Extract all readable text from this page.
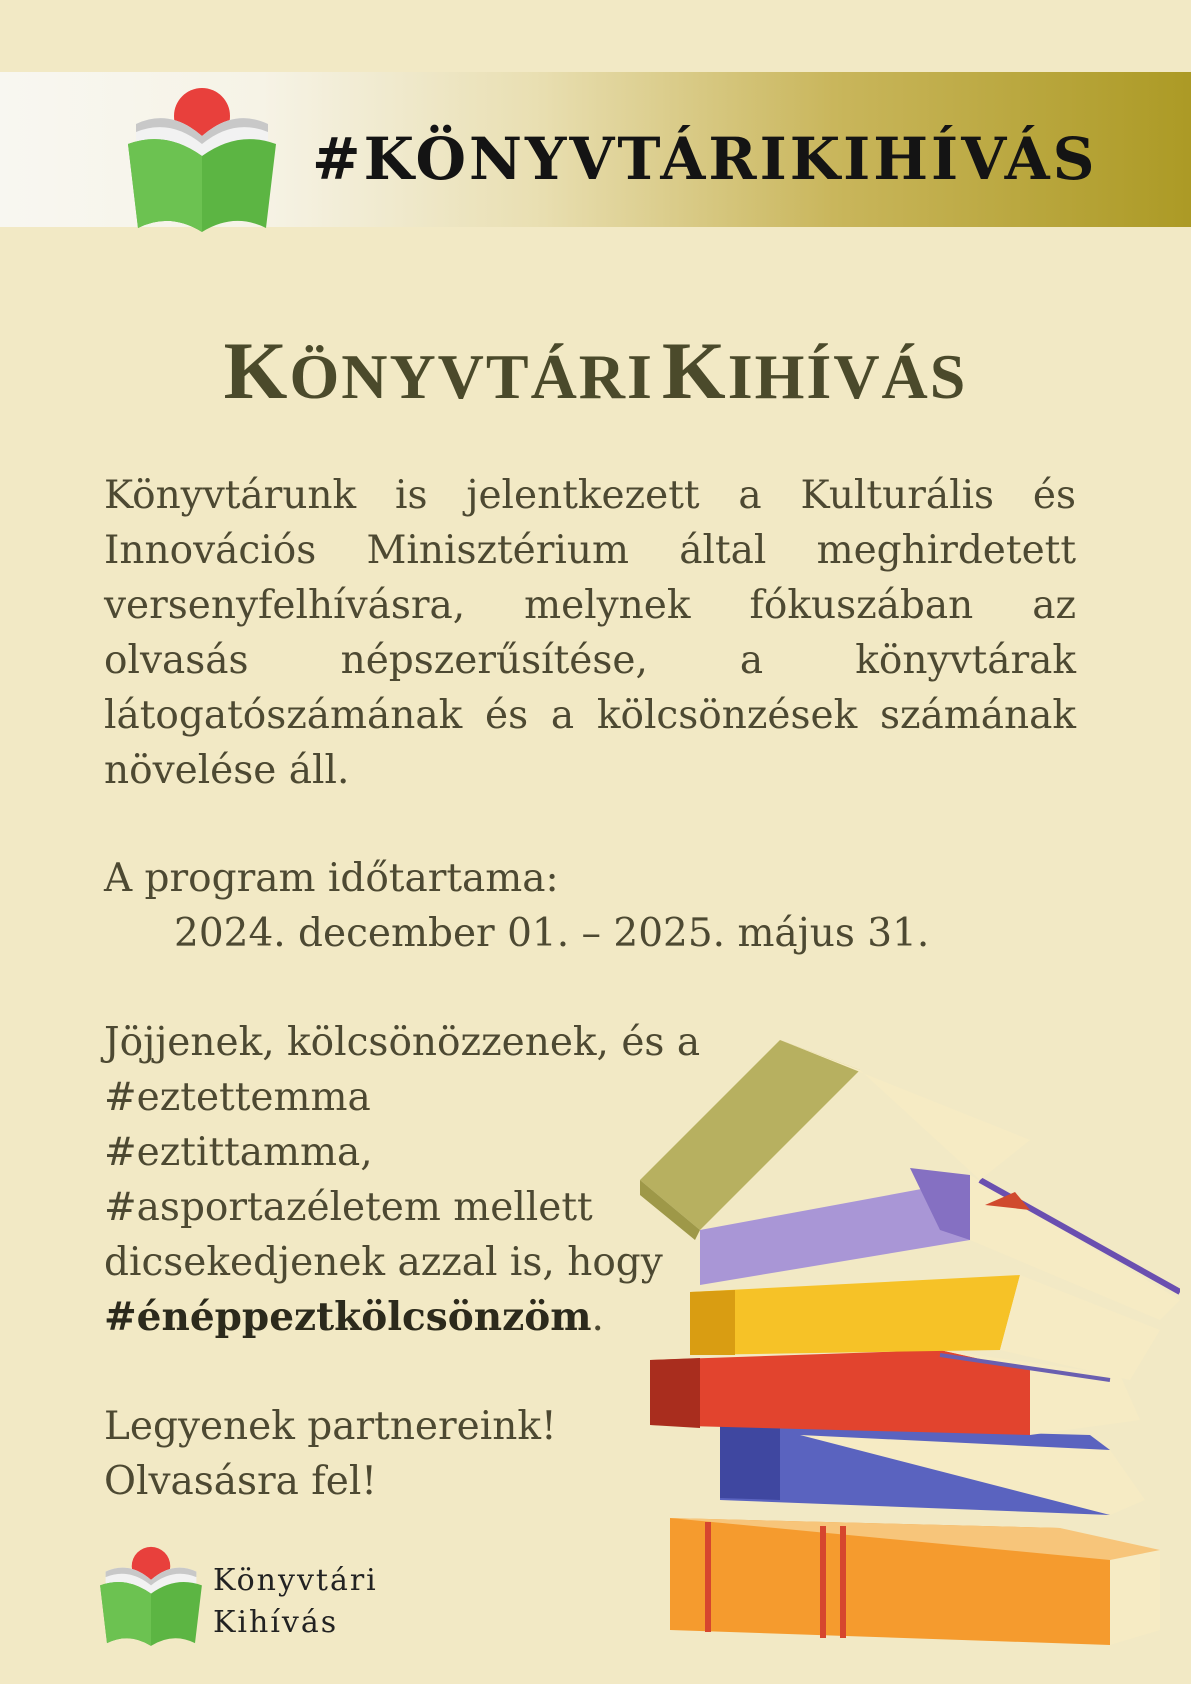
#KÖNYVTÁRIKIHÍVÁS
KÖNYVTÁRI KIHÍVÁS

Könyvtárunk is jelentkezett a Kulturális és Innovációs Minisztérium által meghirdetett versenyfelhívásra, melynek fókuszában az olvasás népszerűsítése, a könyvtárak látogatószámának és a kölcsönzések számának növelése áll.

A program időtartama:

2024. december 01. – 2025. május 31.

Jöjjenek, kölcsönözzenek, és a
#eztettemma
#eztittamma,
#asportazéletem mellett
dicsekedjenek azzal is, hogy
#énéppeztkölcsönzöm.

Legyenek partnereink!
Olvasásra fel!

Könyvtári
Kihívás
